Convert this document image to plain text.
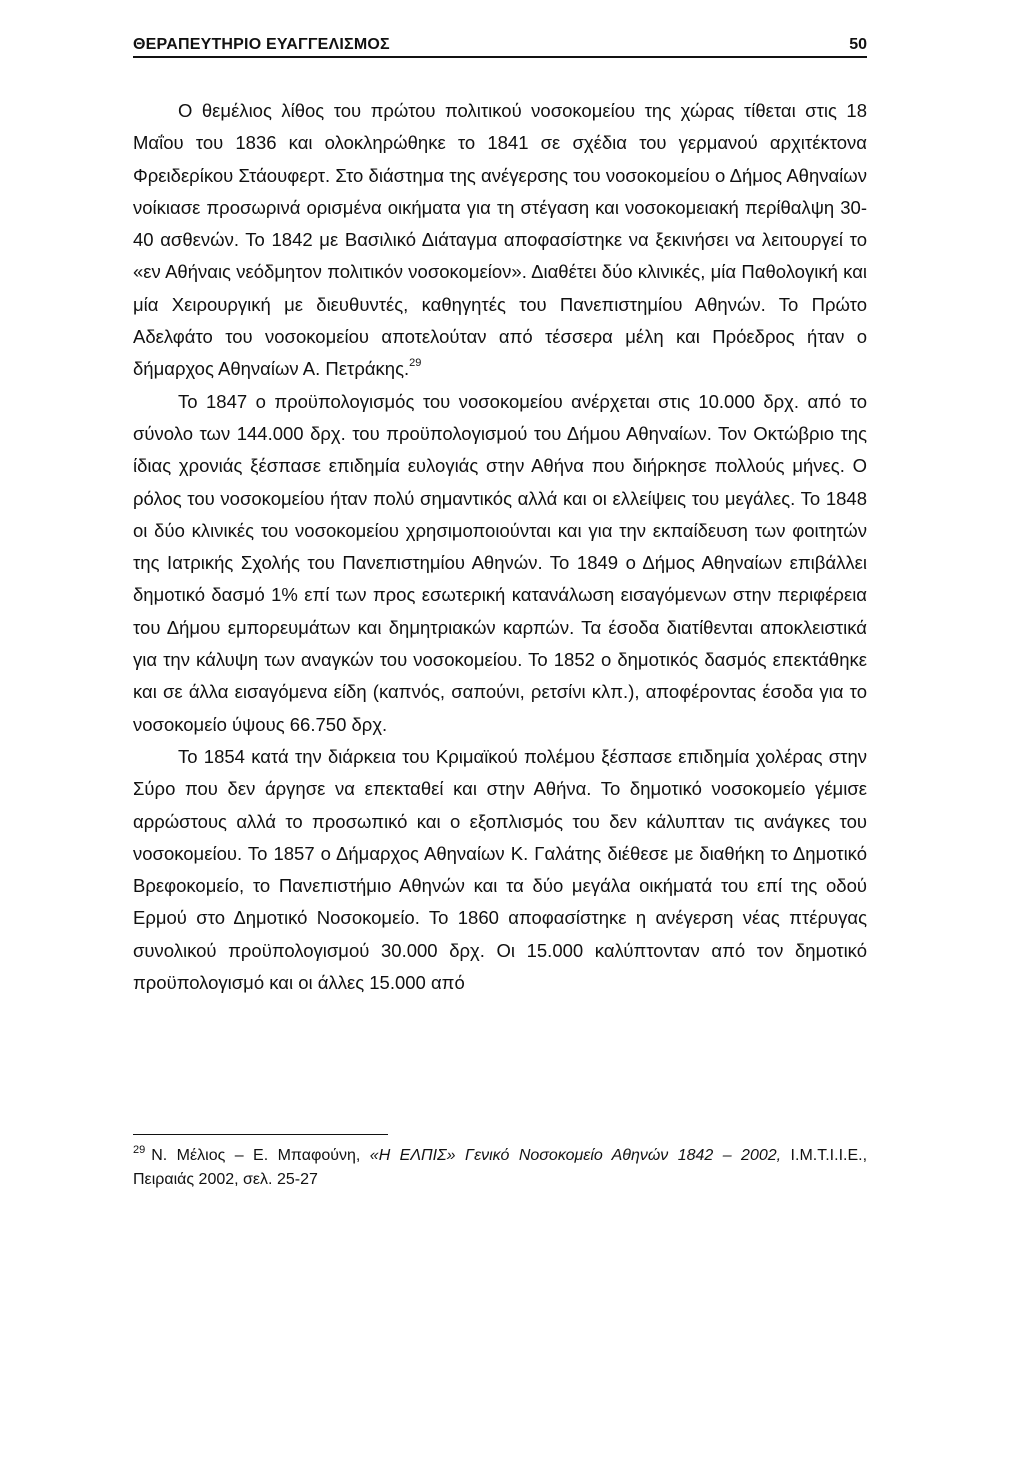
ΘΕΡΑΠΕΥΤΗΡΙΟ ΕΥΑΓΓΕΛΙΣΜΟΣ	50

Ο θεμέλιος λίθος του πρώτου πολιτικού νοσοκομείου της χώρας τίθεται στις 18 Μαΐου του 1836 και ολοκληρώθηκε το 1841 σε σχέδια του γερμανού αρχιτέκτονα Φρειδερίκου Στάουφερτ. Στο διάστημα της ανέγερσης του νοσοκομείου ο Δήμος Αθηναίων νοίκιασε προσωρινά ορισμένα οικήματα για τη στέγαση και νοσοκομειακή περίθαλψη 30-40 ασθενών. Το 1842 με Βασιλικό Διάταγμα αποφασίστηκε να ξεκινήσει να λειτουργεί το «εν Αθήναις νεόδμητον πολιτικόν νοσοκομείον». Διαθέτει δύο κλινικές, μία Παθολογική και μία Χειρουργική με διευθυντές, καθηγητές του Πανεπιστημίου Αθηνών. Το Πρώτο Αδελφάτο του νοσοκομείου αποτελούταν από τέσσερα μέλη και Πρόεδρος ήταν ο δήμαρχος Αθηναίων Α. Πετράκης.$^{29}$

Το 1847 ο προϋπολογισμός του νοσοκομείου ανέρχεται στις 10.000 δρχ. από το σύνολο των 144.000 δρχ. του προϋπολογισμού του Δήμου Αθηναίων. Τον Οκτώβριο της ίδιας χρονιάς ξέσπασε επιδημία ευλογιάς στην Αθήνα που διήρκησε πολλούς μήνες. Ο ρόλος του νοσοκομείου ήταν πολύ σημαντικός αλλά και οι ελλείψεις του μεγάλες. Το 1848 οι δύο κλινικές του νοσοκομείου χρησιμοποιούνται και για την εκπαίδευση των φοιτητών της Ιατρικής Σχολής του Πανεπιστημίου Αθηνών. Το 1849 ο Δήμος Αθηναίων επιβάλλει δημοτικό δασμό 1% επί των προς εσωτερική κατανάλωση εισαγόμενων στην περιφέρεια του Δήμου εμπορευμάτων και δημητριακών καρπών. Τα έσοδα διατίθενται αποκλειστικά για την κάλυψη των αναγκών του νοσοκομείου. Το 1852 ο δημοτικός δασμός επεκτάθηκε και σε άλλα εισαγόμενα είδη (καπνός, σαπούνι, ρετσίνι κλπ.), αποφέροντας έσοδα για το νοσοκομείο ύψους 66.750 δρχ.

Το 1854 κατά την διάρκεια του Κριμαϊκού πολέμου ξέσπασε επιδημία χολέρας στην Σύρο που δεν άργησε να επεκταθεί και στην Αθήνα. Το δημοτικό νοσοκομείο γέμισε αρρώστους αλλά το προσωπικό και ο εξοπλισμός του δεν κάλυπταν τις ανάγκες του νοσοκομείου. Το 1857 ο Δήμαρχος Αθηναίων Κ. Γαλάτης διέθεσε με διαθήκη το Δημοτικό Βρεφοκομείο, το Πανεπιστήμιο Αθηνών και τα δύο μεγάλα οικήματά του επί της οδού Ερμού στο Δημοτικό Νοσοκομείο. Το 1860 αποφασίστηκε η ανέγερση νέας πτέρυγας συνολικού προϋπολογισμού 30.000 δρχ. Οι 15.000 καλύπτονταν από τον δημοτικό προϋπολογισμό και οι άλλες 15.000 από

$^{29}$ Ν. Μέλιος – Ε. Μπαφούνη, «Η ΕΛΠΙΣ» Γενικό Νοσοκομείο Αθηνών 1842 – 2002, Ι.Μ.Τ.Ι.Ι.Ε., Πειραιάς 2002, σελ. 25-27
